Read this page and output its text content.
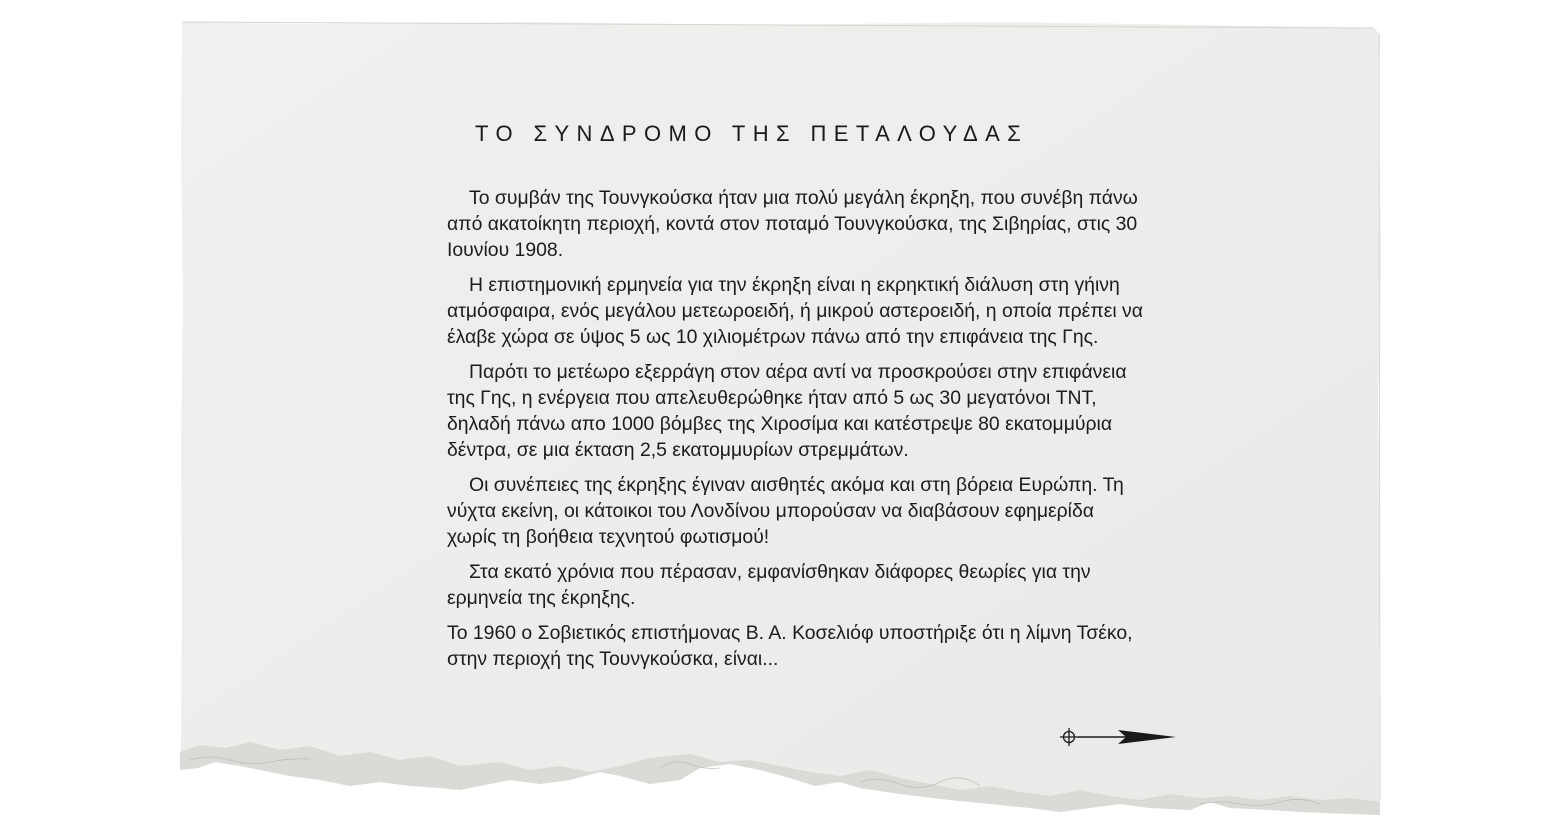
ΤΟ ΣΥΝΔΡΟΜΟ ΤΗΣ ΠΕΤΑΛΟΥΔΑΣ

Το συμβάν της Τουνγκούσκα ήταν μια πολύ μεγάλη έκρηξη, που συνέβη πάνω από ακατοίκητη περιοχή, κοντά στον ποταμό Τουνγκούσκα, της Σιβηρίας, στις 30 Ιουνίου 1908.

Η επιστημονική ερμηνεία για την έκρηξη είναι η εκρηκτική διάλυση στη γήινη ατμόσφαιρα, ενός μεγάλου μετεωροειδή, ή μικρού αστεροειδή, η οποία πρέπει να έλαβε χώρα σε ύψος 5 ως 10 χιλιομέτρων πάνω από την επιφάνεια της Γης.

Παρότι το μετέωρο εξερράγη στον αέρα αντί να προσκρούσει στην επιφάνεια της Γης, η ενέργεια που απελευθερώθηκε ήταν από 5 ως 30 μεγατόνοι TNT, δηλαδή πάνω απο 1000 βόμβες της Χιροσίμα και κατέστρεψε 80 εκατομμύρια δέντρα, σε μια έκταση 2,5 εκατομμυρίων στρεμμάτων.

Οι συνέπειες της έκρηξης έγιναν αισθητές ακόμα και στη βόρεια Ευρώπη. Τη νύχτα εκείνη, οι κάτοικοι του Λονδίνου μπορούσαν να διαβάσουν εφημερίδα χωρίς τη βοήθεια τεχνητού φωτισμού!

Στα εκατό χρόνια που πέρασαν, εμφανίσθηκαν διάφορες θεωρίες για την ερμηνεία της έκρηξης.

Το 1960 ο Σοβιετικός επιστήμονας Β. Α. Κοσελιόφ υποστήριξε ότι η λίμνη Τσέκο, στην περιοχή της Τουνγκούσκα, είναι...
